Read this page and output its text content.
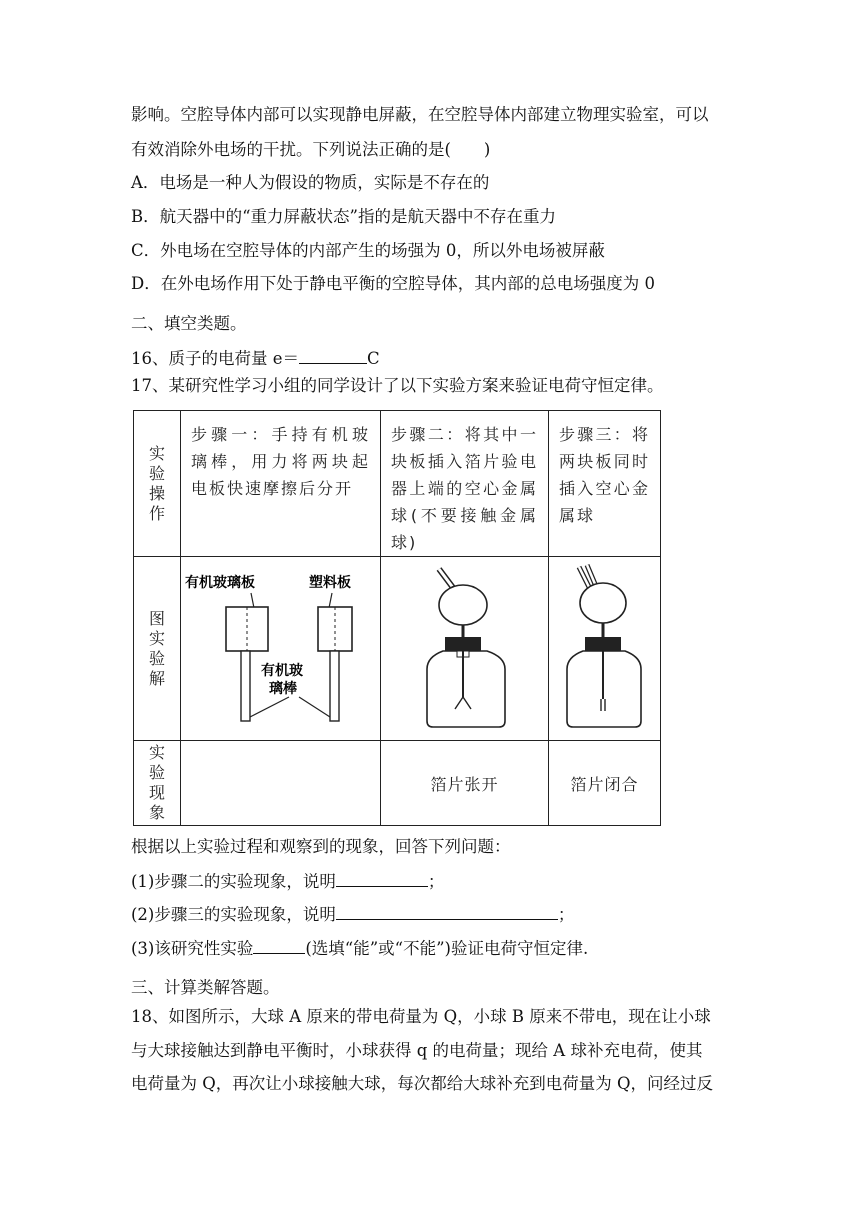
影响。空腔导体内部可以实现静电屏蔽，在空腔导体内部建立物理实验室，可以
有效消除外电场的干扰。下列说法正确的是(　　)
A．电场是一种人为假设的物质，实际是不存在的
B．航天器中的“重力屏蔽状态”指的是航天器中不存在重力
C．外电场在空腔导体的内部产生的场强为 0，所以外电场被屏蔽
D．在外电场作用下处于静电平衡的空腔导体，其内部的总电场强度为 0
二、填空类题。
16、质子的电荷量 e＝	C
17、某研究性学习小组的同学设计了以下实验方案来验证电荷守恒定律。
实验操作	步骤一：手持有机玻璃棒，用力将两块起电板快速摩擦后分开	步骤二：将其中一块板插入箔片验电器上端的空心金属球(不要接触金属球)	步骤三：将两块板同时插入空心金属球
图实验解	有机玻璃板 塑料板
有机玻
璃棒

实验现象		箔片张开	箔片闭合
根据以上实验过程和观察到的现象，回答下列问题：
(1)步骤二的实验现象，说明	；
(2)步骤三的实验现象，说明	；
(3)该研究性实验	(选填“能”或“不能”)验证电荷守恒定律.
三、计算类解答题。
18、如图所示，大球 A 原来的带电荷量为 Q，小球 B 原来不带电，现在让小球
与大球接触达到静电平衡时，小球获得 q 的电荷量；现给 A 球补充电荷，使其
电荷量为 Q，再次让小球接触大球，每次都给大球补充到电荷量为 Q，问经过反
